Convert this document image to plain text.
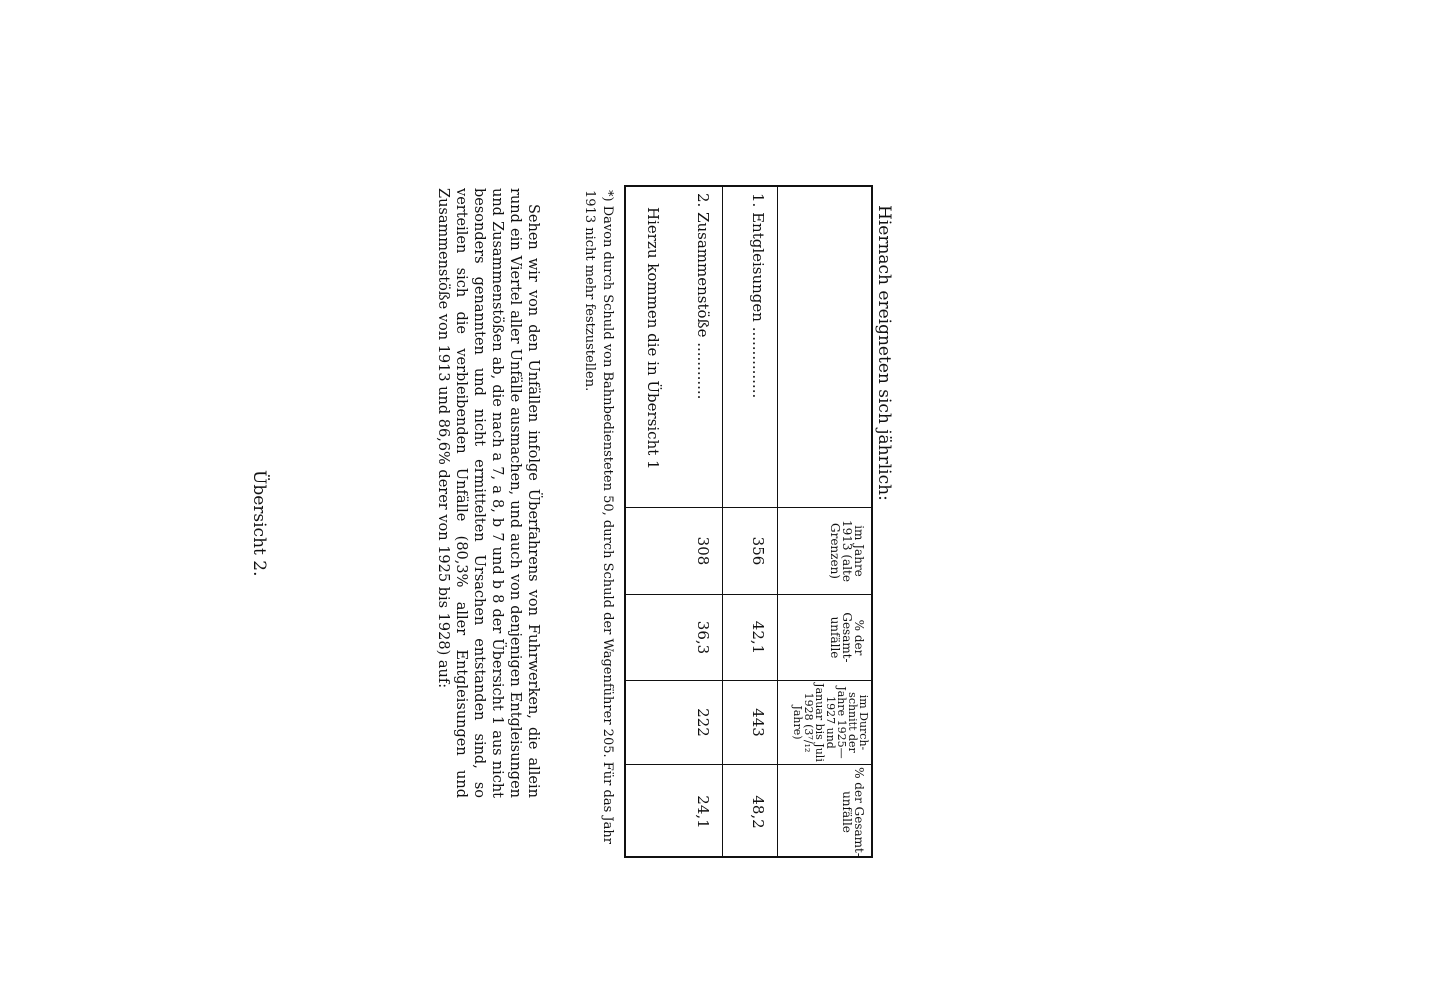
Hiernach ereigneten sich jährlich:
im Jahre 1913 (alte Grenzen)
% der Gesamt-unfälle
im Durch-schnitt der Jahre 1925—1927 und Januar bis Juli 1928 (3⁷/₁₂ Jahre)
% der Gesamt-unfälle
1. Entgleisungen ...............
356
42,1
443
48,2
2. Zusammenstöße ............
308
36,3
222
24,1
*) Davon durch Schuld von Bahnbediensteten 50, durch Schuld der Wagenführer 205. Für das Jahr 1913 nicht mehr festzustellen.
Übersicht 2.	Sehen wir von den Unfällen infolge Überfahrens von Fuhrwerken, die allein rund ein Viertel aller Unfälle ausmachen, und auch von denjenigen Entgleisungen und Zusammenstößen ab, die nach a 7, a 8, b 7 und b 8 der Übersicht 1 aus nicht besonders genannten und nicht ermittelten Ursachen entstanden sind, so verteilen sich die verbleibenden Unfälle (80,3% aller Entgleisungen und Zusammenstöße von 1913 und 86,6% derer von 1925 bis 1928) auf:	Hierzu kommen die in Übersicht 1
